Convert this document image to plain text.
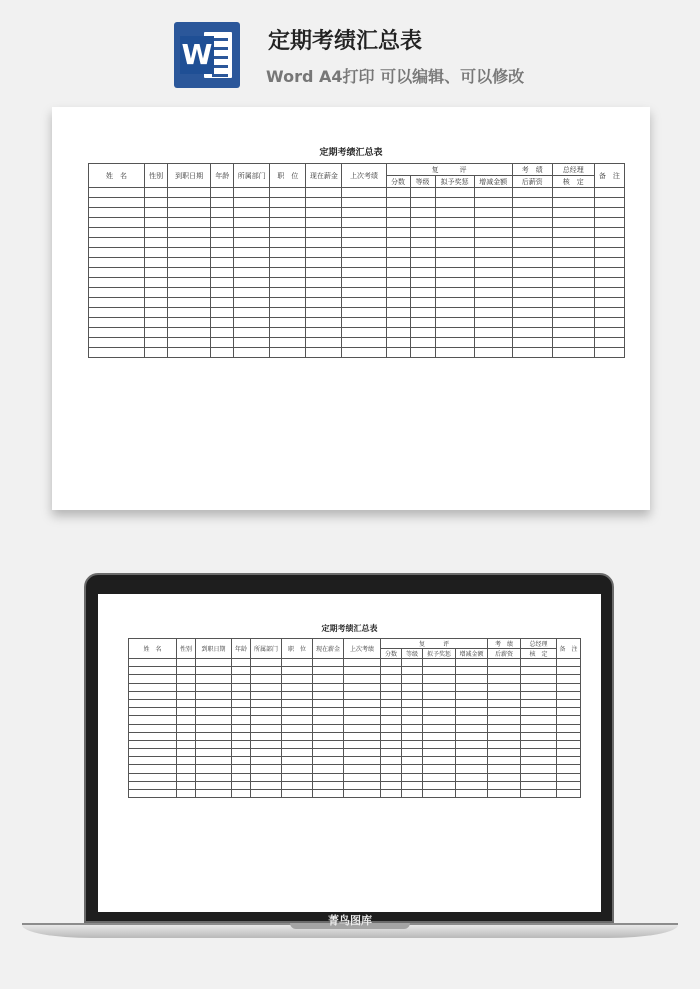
W	定期考绩汇总表
Word A4打印 可以编辑、可以修改
定期考绩汇总表
姓　名	性别	到职日期	年龄	所属部门	职　位	现在薪金	上次考绩	复　　　评				考　绩	总经理	备　注
								分数	等级	拟予奖惩	增减金额	后薪资	核　定	

定期考绩汇总表
姓　名	性别	到职日期	年龄	所属部门	职　位	现在薪金	上次考绩	复　　　评				考　绩	总经理	备　注
								分数	等级	拟予奖惩	增减金额	后薪资	核　定	

菁鸟图库
